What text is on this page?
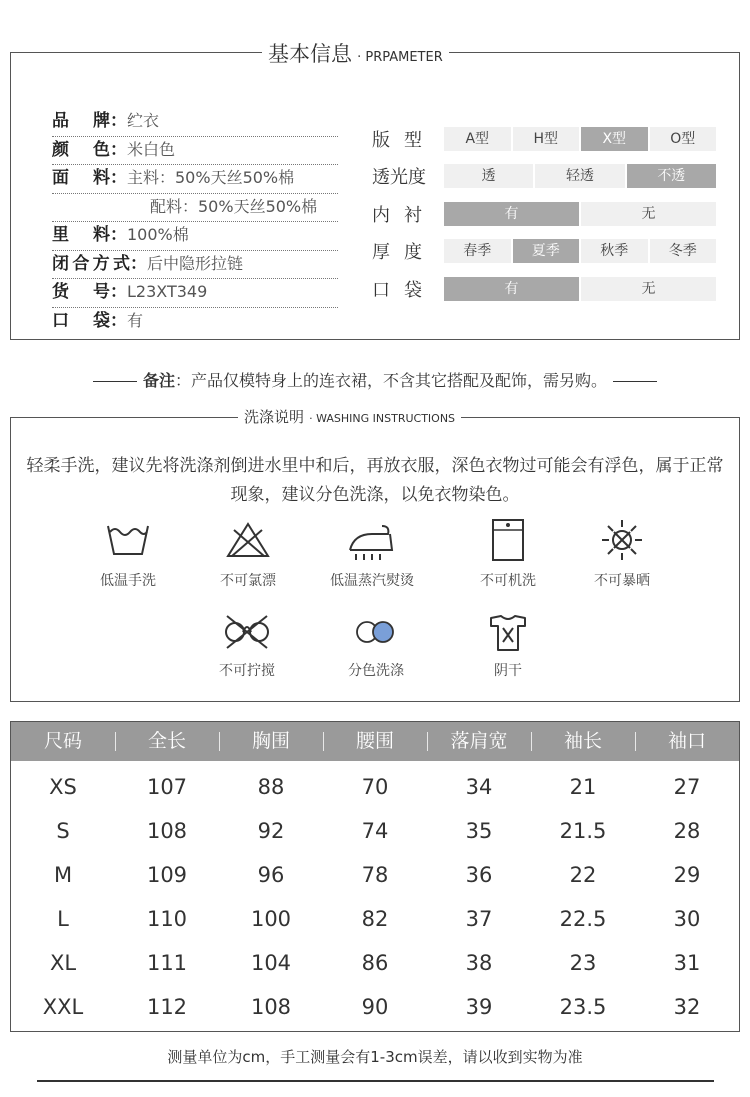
基本信息 · PRPAMETER
品牌：纻衣
颜色：米白色
面料：主料：50%天丝50%棉
配料：50%天丝50%棉
里料：100%棉
闭合方式：后中隐形拉链
货号：L23XT349
口袋：有
版型	A型	H型	X型	O型
透光度	透	轻透	不透
内衬	有	无
厚度	春季	夏季	秋季	冬季
口袋	有	无
备注：产品仅模特身上的连衣裙，不含其它搭配及配饰，需另购。
洗涤说明 · WASHING INSTRUCTIONS
轻柔手洗，建议先将洗涤剂倒进水里中和后，再放衣服，深色衣物过可能会有浮色，属于正常现象，建议分色洗涤，以免衣物染色。
低温手洗	不可氯漂	低温蒸汽熨烫	不可机洗	不可暴晒
不可拧搅	分色洗涤	阴干
尺码	全长	胸围	腰围	落肩宽	袖长	袖口
XS	107	88	70	34	21	27
S	108	92	74	35	21.5	28
M	109	96	78	36	22	29
L	110	100	82	37	22.5	30
XL	111	104	86	38	23	31
XXL	112	108	90	39	23.5	32
测量单位为cm，手工测量会有1-3cm误差，请以收到实物为准
